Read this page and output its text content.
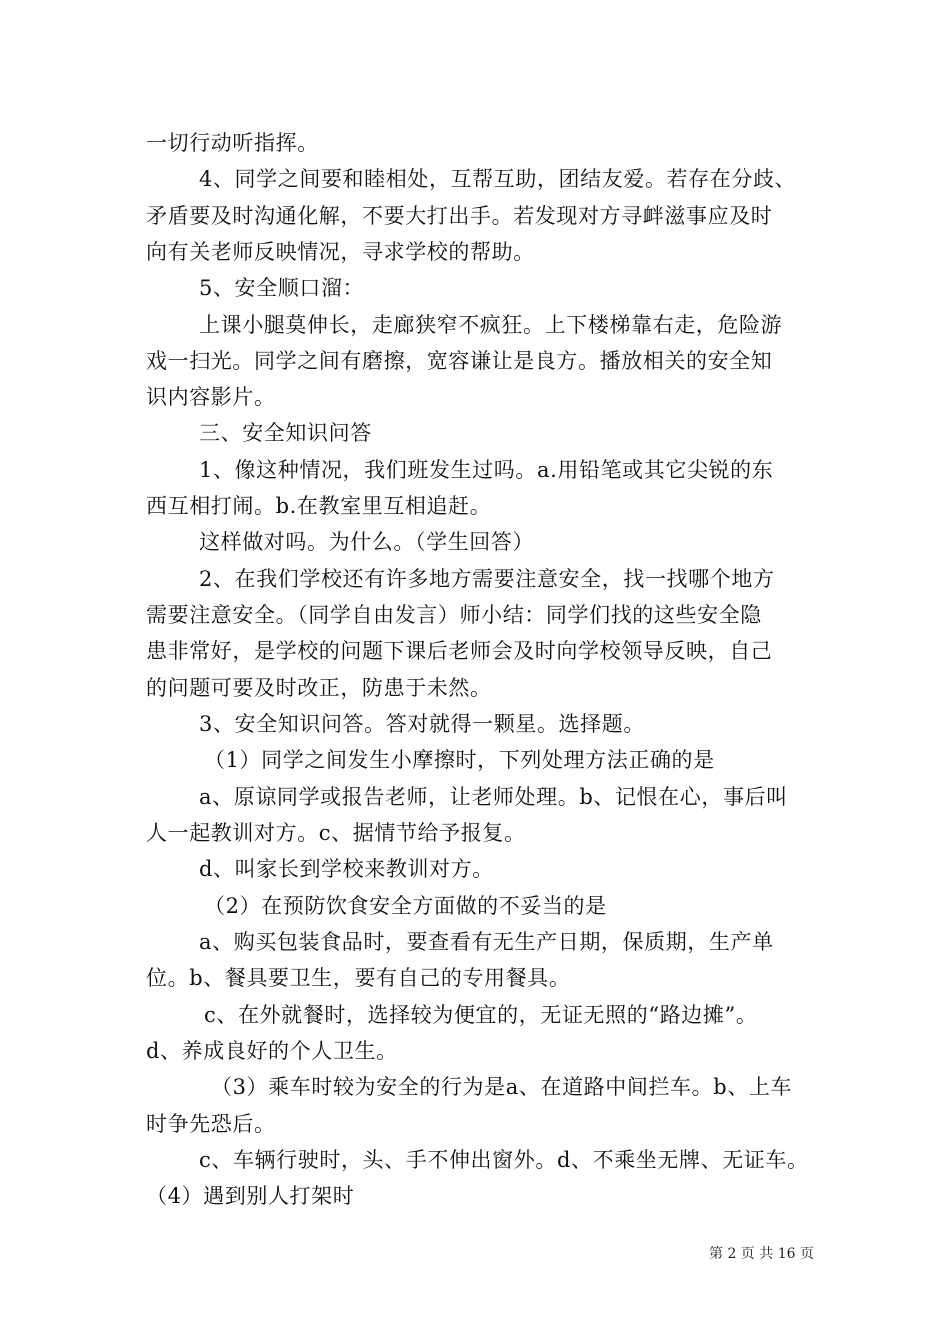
一切行动听指挥。
4、同学之间要和睦相处，互帮互助，团结友爱。若存在分歧、
矛盾要及时沟通化解，不要大打出手。若发现对方寻衅滋事应及时
向有关老师反映情况，寻求学校的帮助。
5、安全顺口溜：
上课小腿莫伸长，走廊狭窄不疯狂。上下楼梯靠右走，危险游
戏一扫光。同学之间有磨擦，宽容谦让是良方。播放相关的安全知
识内容影片。
三、安全知识问答
1、像这种情况，我们班发生过吗。a.用铅笔或其它尖锐的东
西互相打闹。b.在教室里互相追赶。
这样做对吗。为什么。（学生回答）
2、在我们学校还有许多地方需要注意安全，找一找哪个地方
需要注意安全。（同学自由发言）师小结：同学们找的这些安全隐
患非常好，是学校的问题下课后老师会及时向学校领导反映，自己
的问题可要及时改正，防患于未然。
3、安全知识问答。答对就得一颗星。选择题。
（1）同学之间发生小摩擦时，下列处理方法正确的是
a、原谅同学或报告老师，让老师处理。b、记恨在心，事后叫
人一起教训对方。c、据情节给予报复。
d、叫家长到学校来教训对方。
（2）在预防饮食安全方面做的不妥当的是
a、购买包装食品时，要查看有无生产日期，保质期，生产单
位。b、餐具要卫生，要有自己的专用餐具。
c、在外就餐时，选择较为便宜的，无证无照的“路边摊”。
d、养成良好的个人卫生。
（3）乘车时较为安全的行为是a、在道路中间拦车。b、上车
时争先恐后。
c、车辆行驶时，头、手不伸出窗外。d、不乘坐无牌、无证车。
（4）遇到别人打架时
第 2 页 共 16 页
